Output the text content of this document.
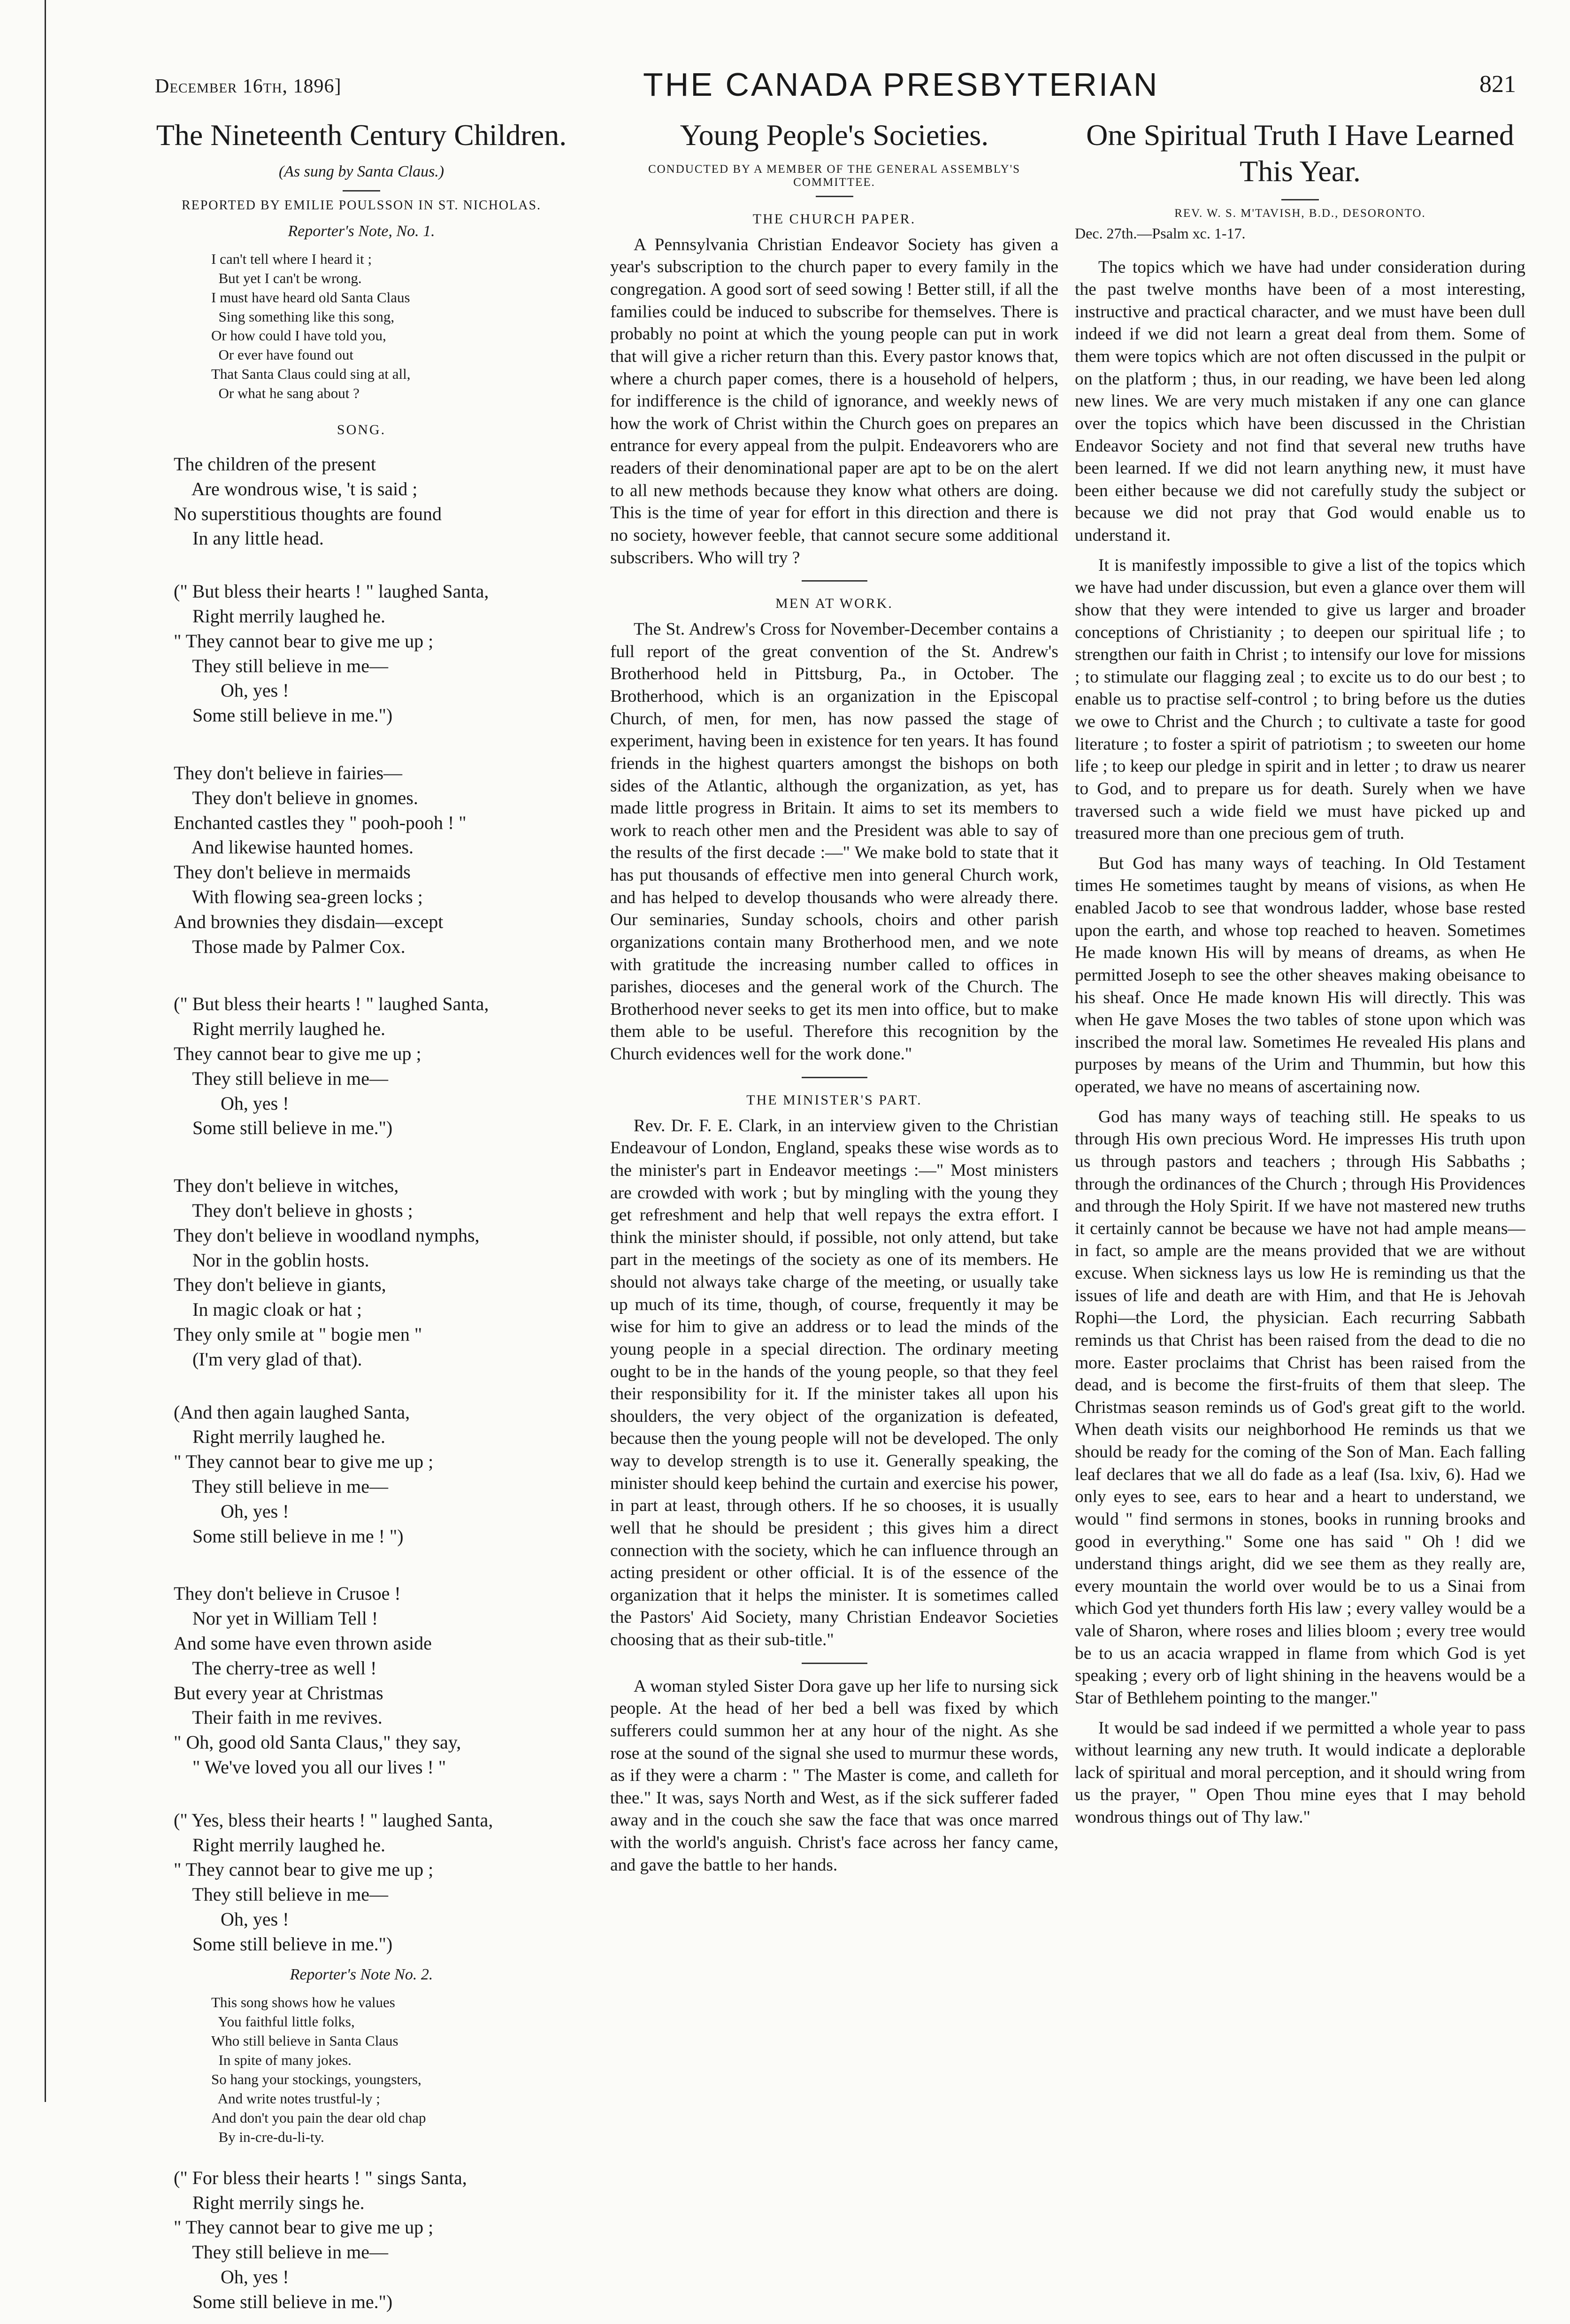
December 16th, 1896]	THE CANADA PRESBYTERIAN	821
The Nineteenth Century Children.
(As sung by Santa Claus.)
REPORTED BY EMILIE POULSSON IN ST. NICHOLAS.
Reporter's Note, No. 1.
I can't tell where I heard it ;
But yet I can't be wrong.
I must have heard old Santa Claus
Sing something like this song,
Or how could I have told you,
Or ever have found out
That Santa Claus could sing at all,
Or what he sang about ?
SONG.
The children of the present
Are wondrous wise, 't is said ;
No superstitious thoughts are found
In any little head.
(" But bless their hearts ! " laughed Santa,
Right merrily laughed he.
" They cannot bear to give me up ;
They still believe in me—
Oh, yes !
Some still believe in me.")
They don't believe in fairies—
They don't believe in gnomes.
Enchanted castles they " pooh-pooh ! "
And likewise haunted homes.
They don't believe in mermaids
With flowing sea-green locks ;
And brownies they disdain—except
Those made by Palmer Cox.
(" But bless their hearts ! " laughed Santa,
Right merrily laughed he.
They cannot bear to give me up ;
They still believe in me—
Oh, yes !
Some still believe in me.")
They don't believe in witches,
They don't believe in ghosts ;
They don't believe in woodland nymphs,
Nor in the goblin hosts.
They don't believe in giants,
In magic cloak or hat ;
They only smile at " bogie men "
(I'm very glad of that).
(And then again laughed Santa,
Right merrily laughed he.
" They cannot bear to give me up ;
They still believe in me—
Oh, yes !
Some still believe in me ! ")
They don't believe in Crusoe !
Nor yet in William Tell !
And some have even thrown aside
The cherry-tree as well !
But every year at Christmas
Their faith in me revives.
" Oh, good old Santa Claus," they say,
" We've loved you all our lives ! "
(" Yes, bless their hearts ! " laughed Santa,
Right merrily laughed he.
" They cannot bear to give me up ;
They still believe in me—
Oh, yes !
Some still believe in me.")
Reporter's Note No. 2.
This song shows how he values
You faithful little folks,
Who still believe in Santa Claus
In spite of many jokes.
So hang your stockings, youngsters,
And write notes trustful-ly ;
And don't you pain the dear old chap
By in-cre-du-li-ty.
(" For bless their hearts ! " sings Santa,
Right merrily sings he.
" They cannot bear to give me up ;
They still believe in me—
Oh, yes !
Some still believe in me.")
Young People's Societies.
CONDUCTED BY A MEMBER OF THE GENERAL ASSEMBLY'S COMMITTEE.
THE CHURCH PAPER.

A Pennsylvania Christian Endeavor Society has given a year's subscription to the church paper to every family in the congregation. A good sort of seed sowing ! Better still, if all the families could be induced to subscribe for themselves. There is probably no point at which the young people can put in work that will give a richer return than this. Every pastor knows that, where a church paper comes, there is a household of helpers, for indifference is the child of ignorance, and weekly news of how the work of Christ within the Church goes on prepares an entrance for every appeal from the pulpit. Endeavorers who are readers of their denominational paper are apt to be on the alert to all new methods because they know what others are doing. This is the time of year for effort in this direction and there is no society, however feeble, that cannot secure some additional subscribers. Who will try ?

MEN AT WORK.

The St. Andrew's Cross for November-December contains a full report of the great convention of the St. Andrew's Brotherhood held in Pittsburg, Pa., in October. The Brotherhood, which is an organization in the Episcopal Church, of men, for men, has now passed the stage of experiment, having been in existence for ten years. It has found friends in the highest quarters amongst the bishops on both sides of the Atlantic, although the organization, as yet, has made little progress in Britain. It aims to set its members to work to reach other men and the President was able to say of the results of the first decade :—" We make bold to state that it has put thousands of effective men into general Church work, and has helped to develop thousands who were already there. Our seminaries, Sunday schools, choirs and other parish organizations contain many Brotherhood men, and we note with gratitude the increasing number called to offices in parishes, dioceses and the general work of the Church. The Brotherhood never seeks to get its men into office, but to make them able to be useful. Therefore this recognition by the Church evidences well for the work done."

THE MINISTER'S PART.

Rev. Dr. F. E. Clark, in an interview given to the Christian Endeavour of London, England, speaks these wise words as to the minister's part in Endeavor meetings :—" Most ministers are crowded with work ; but by mingling with the young they get refreshment and help that well repays the extra effort. I think the minister should, if possible, not only attend, but take part in the meetings of the society as one of its members. He should not always take charge of the meeting, or usually take up much of its time, though, of course, frequently it may be wise for him to give an address or to lead the minds of the young people in a special direction. The ordinary meeting ought to be in the hands of the young people, so that they feel their responsibility for it. If the minister takes all upon his shoulders, the very object of the organization is defeated, because then the young people will not be developed. The only way to develop strength is to use it. Generally speaking, the minister should keep behind the curtain and exercise his power, in part at least, through others. If he so chooses, it is usually well that he should be president ; this gives him a direct connection with the society, which he can influence through an acting president or other official. It is of the essence of the organization that it helps the minister. It is sometimes called the Pastors' Aid Society, many Christian Endeavor Societies choosing that as their sub-title."

A woman styled Sister Dora gave up her life to nursing sick people. At the head of her bed a bell was fixed by which sufferers could summon her at any hour of the night. As she rose at the sound of the signal she used to murmur these words, as if they were a charm : " The Master is come, and calleth for thee." It was, says North and West, as if the sick sufferer faded away and in the couch she saw the face that was once marred with the world's anguish. Christ's face across her fancy came, and gave the battle to her hands.

One Spiritual Truth I Have Learned This Year.
REV. W. S. M'TAVISH, B.D., DESORONTO.
Dec. 27th.—Psalm xc. 1-17.

The topics which we have had under consideration during the past twelve months have been of a most interesting, instructive and practical character, and we must have been dull indeed if we did not learn a great deal from them. Some of them were topics which are not often discussed in the pulpit or on the platform ; thus, in our reading, we have been led along new lines. We are very much mistaken if any one can glance over the topics which have been discussed in the Christian Endeavor Society and not find that several new truths have been learned. If we did not learn anything new, it must have been either because we did not carefully study the subject or because we did not pray that God would enable us to understand it.

It is manifestly impossible to give a list of the topics which we have had under discussion, but even a glance over them will show that they were intended to give us larger and broader conceptions of Christianity ; to deepen our spiritual life ; to strengthen our faith in Christ ; to intensify our love for missions ; to stimulate our flagging zeal ; to excite us to do our best ; to enable us to practise self-control ; to bring before us the duties we owe to Christ and the Church ; to cultivate a taste for good literature ; to foster a spirit of patriotism ; to sweeten our home life ; to keep our pledge in spirit and in letter ; to draw us nearer to God, and to prepare us for death. Surely when we have traversed such a wide field we must have picked up and treasured more than one precious gem of truth.

But God has many ways of teaching. In Old Testament times He sometimes taught by means of visions, as when He enabled Jacob to see that wondrous ladder, whose base rested upon the earth, and whose top reached to heaven. Sometimes He made known His will by means of dreams, as when He permitted Joseph to see the other sheaves making obeisance to his sheaf. Once He made known His will directly. This was when He gave Moses the two tables of stone upon which was inscribed the moral law. Sometimes He revealed His plans and purposes by means of the Urim and Thummin, but how this operated, we have no means of ascertaining now.

God has many ways of teaching still. He speaks to us through His own precious Word. He impresses His truth upon us through pastors and teachers ; through His Sabbaths ; through the ordinances of the Church ; through His Providences and through the Holy Spirit. If we have not mastered new truths it certainly cannot be because we have not had ample means—in fact, so ample are the means provided that we are without excuse. When sickness lays us low He is reminding us that the issues of life and death are with Him, and that He is Jehovah Rophi—the Lord, the physician. Each recurring Sabbath reminds us that Christ has been raised from the dead to die no more. Easter proclaims that Christ has been raised from the dead, and is become the first-fruits of them that sleep. The Christmas season reminds us of God's great gift to the world. When death visits our neighborhood He reminds us that we should be ready for the coming of the Son of Man. Each falling leaf declares that we all do fade as a leaf (Isa. lxiv, 6). Had we only eyes to see, ears to hear and a heart to understand, we would " find sermons in stones, books in running brooks and good in everything." Some one has said " Oh ! did we understand things aright, did we see them as they really are, every mountain the world over would be to us a Sinai from which God yet thunders forth His law ; every valley would be a vale of Sharon, where roses and lilies bloom ; every tree would be to us an acacia wrapped in flame from which God is yet speaking ; every orb of light shining in the heavens would be a Star of Bethlehem pointing to the manger."

It would be sad indeed if we permitted a whole year to pass without learning any new truth. It would indicate a deplorable lack of spiritual and moral perception, and it should wring from us the prayer, " Open Thou mine eyes that I may behold wondrous things out of Thy law."
